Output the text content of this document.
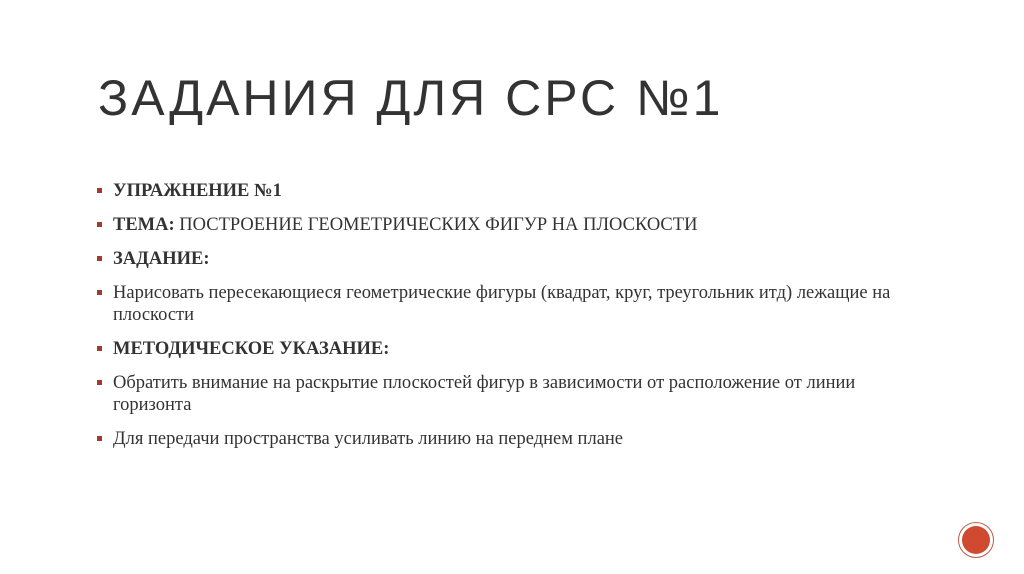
ЗАДАНИЯ ДЛЯ СРС №1
УПРАЖНЕНИЕ №1
ТЕМА: ПОСТРОЕНИЕ ГЕОМЕТРИЧЕСКИХ ФИГУР НА ПЛОСКОСТИ
ЗАДАНИЕ:
Нарисовать пересекающиеся геометрические фигуры (квадрат, круг, треугольник итд) лежащие на плоскости
МЕТОДИЧЕСКОЕ УКАЗАНИЕ:
Обратить внимание на раскрытие плоскостей фигур в зависимости от расположение от линии горизонта
Для передачи пространства усиливать линию на переднем плане
